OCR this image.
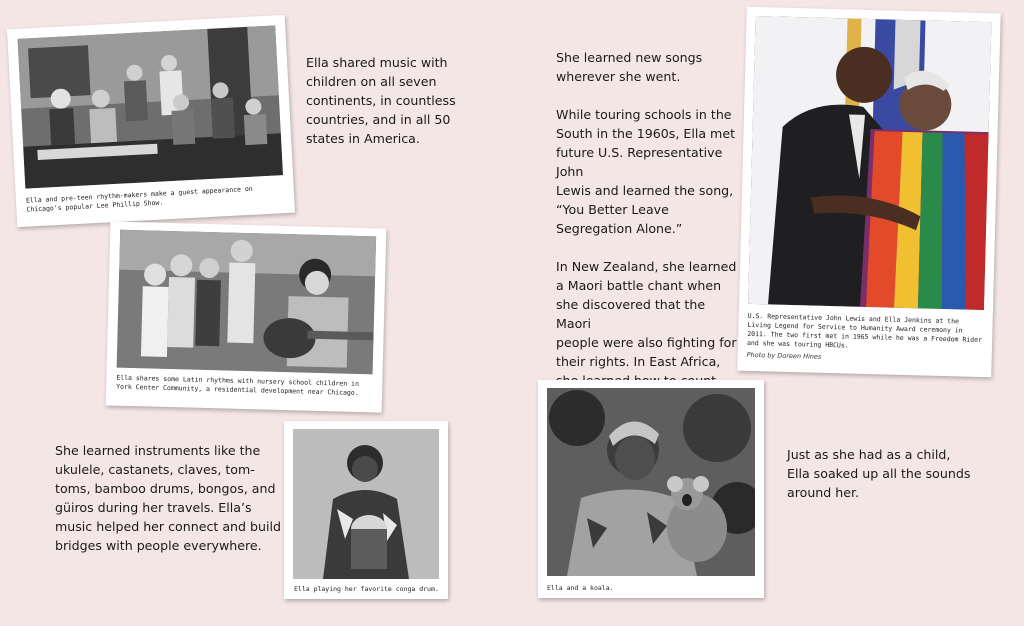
Ella and pre-teen rhythm-makers make a guest appearance on Chicago's popular Lee Phillip Show.
Ella shared music with
children on all seven
continents, in countless
countries, and in all 50
states in America.
Ella shares some Latin rhythms with nursery school children in York Center Community, a residential development near Chicago.
She learned instruments like the
ukulele, castanets, claves, tom-
toms, bamboo drums, bongos, and
güiros during her travels. Ella’s
music helped her connect and build
bridges with people everywhere.
Ella playing her favorite conga drum.
She learned new songs
wherever she went.
While touring schools in the
South in the 1960s, Ella met
future U.S. Representative John
Lewis and learned the song,
“You Better Leave
Segregation Alone.”
In New Zealand, she learned
a Maori battle chant when
she discovered that the Maori
people were also fighting for
their rights. In East Africa,
U.S. Representative John Lewis and Ella Jenkins at the Living Legend for Service to Humanity Award ceremony in 2011. The two first met in 1965 while he was a Freedom Rider and she was touring HBCUs.
Photo by Doreen Hines
Ella and a koala.
Just as she had as a child,
Ella soaked up all the sounds
around her.
